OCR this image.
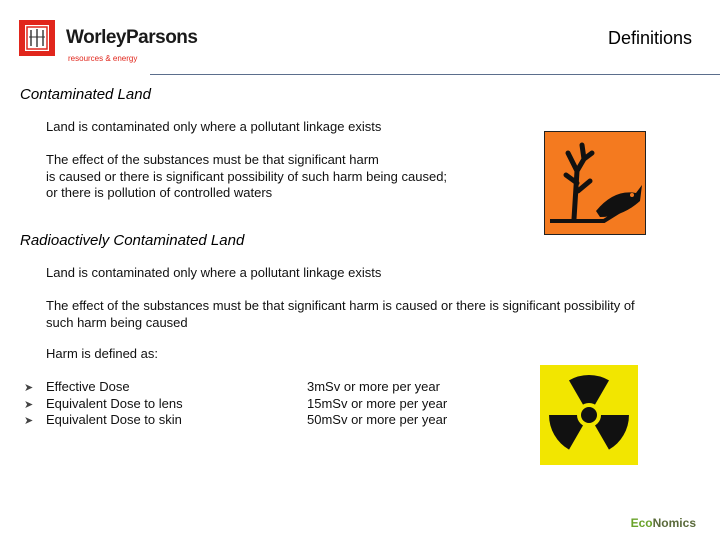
WorleyParsons
resources & energy
Definitions
Contaminated Land
Land is contaminated only where a pollutant linkage exists
The effect of the substances must be that significant harm
is caused or there is significant possibility of such harm being caused;
or there is pollution of controlled waters
Radioactively Contaminated Land
Land is contaminated only where a pollutant linkage exists
The effect of the substances must be that significant harm is caused or there is significant possibility of
such harm being caused
Harm is defined as:
➤ Effective Dose	3mSv or more per year
➤ Equivalent Dose to lens	15mSv or more per year
➤ Equivalent Dose to skin	50mSv or more per year
EcoNomics
